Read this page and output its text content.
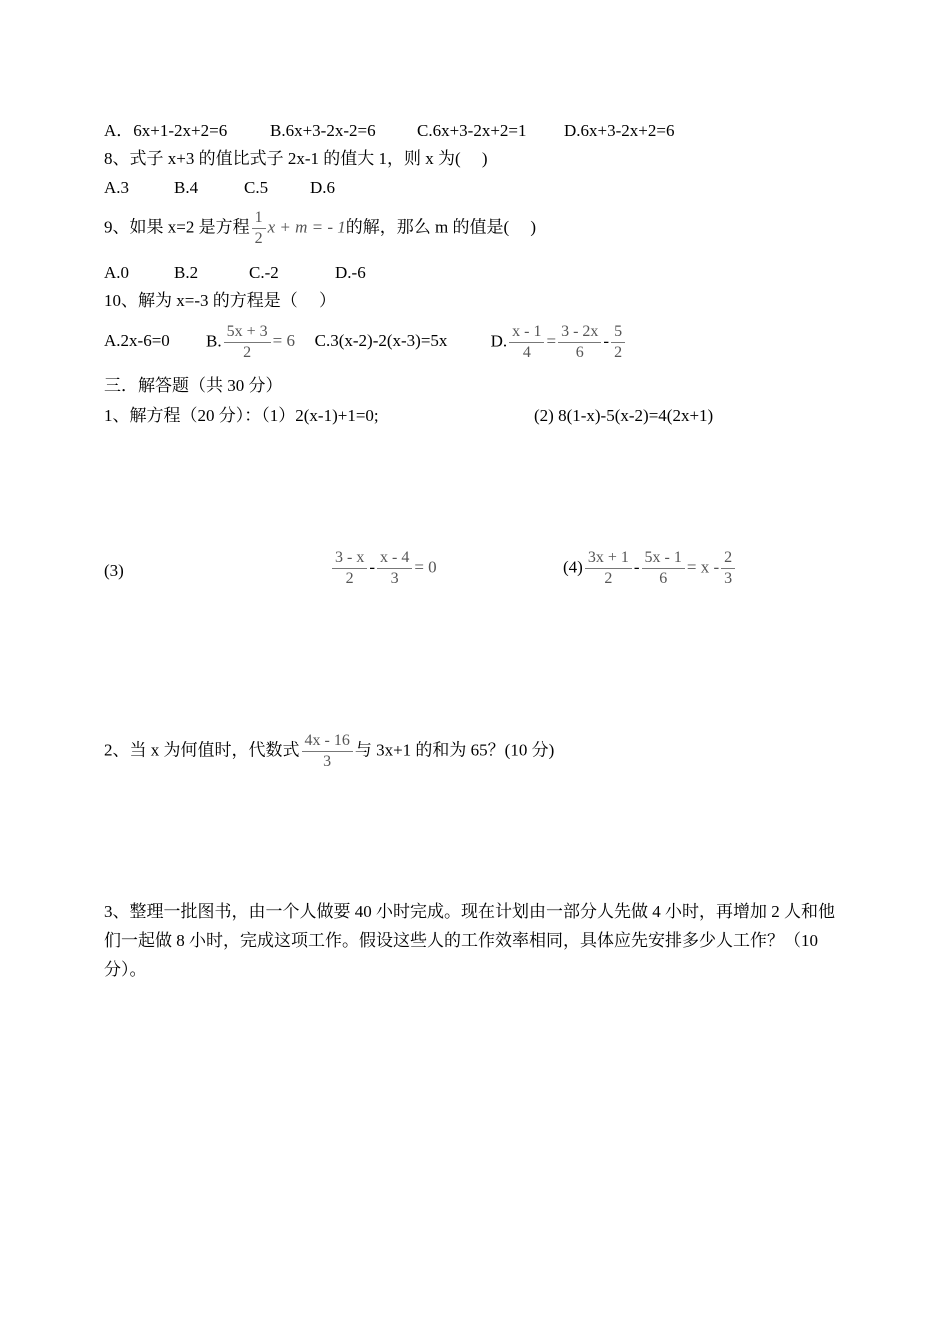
A．6x+1-2x+2=6	B.6x+3-2x-2=6 C.6x+3-2x+2=1 D.6x+3-2x+2=6
8、式子 x+3 的值比式子 2x-1 的值大 1，则 x 为(　 )
A.3	B.4	C.5 D.6
9、如果 x=2 是方程 $\frac{1}{2}$ x + m = - 1的解，那么 m 的值是(　 )
A.0	B.2	C.-2	D.-6
10、解为 x=-3 的方程是（　 ）
A.2x-6=0 B. $\frac{5x + 3}{2} = 6$ C.3(x-2)-2(x-3)=5x	D. $\frac{x - 1}{4} = \frac{3 - 2x}{6} - \frac{5}{2}$
三．解答题（共 30 分）
1、解方程（20 分）：（1）2(x-1)+1=0;	(2) 8(1-x)-5(x-2)=4(2x+1)
(3)	$\frac{3 - x}{2} - \frac{x - 4}{3} = 0$	$(4) \frac{3x + 1}{2} - \frac{5x - 1}{6} = x - \frac{2}{3}$
2、当 x 为何值时，代数式 $\frac{4x - 16}{3}$ 与 3x+1 的和为 65？(10 分)
3、整理一批图书，由一个人做要 40 小时完成。现在计划由一部分人先做 4 小时，再增加 2 人和他们一起做 8 小时，完成这项工作。假设这些人的工作效率相同，具体应先安排多少人工作？（10 分）。
